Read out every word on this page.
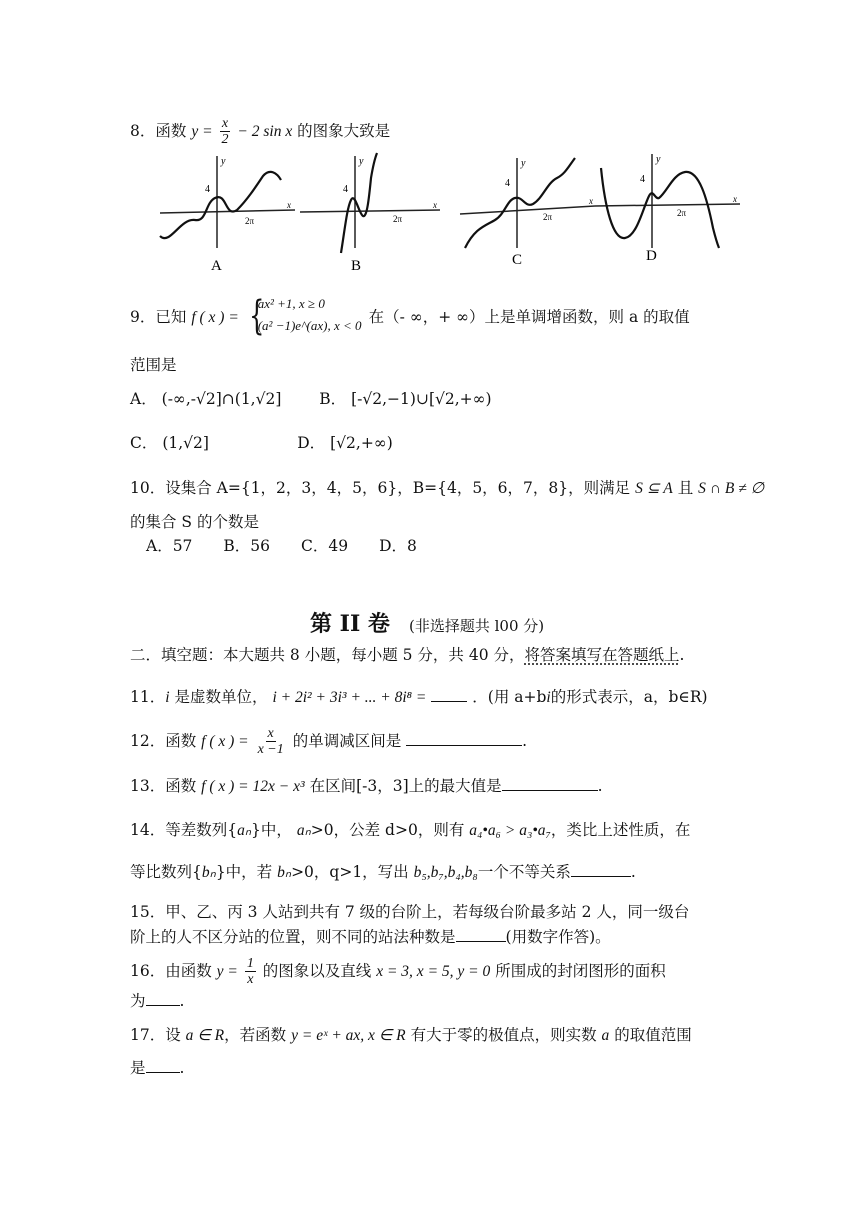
8．函数 $y = \frac{x}{2} - 2$ sin x 的图象大致是
4
y
2π
x
A
4
y
2π
x
B
4
y
2π
x
C
4
y
2π
x
D
9．已知 f ( x ) = {
ax² +1, x ≥ 0
(a² −1)e^(ax), x < 0 在（- ∞，+ ∞）上是单调增函数，则 a 的取值
范围是
A． (-∞,-√2]∩(1,√2] B． [-√2,−1)∪[√2,+∞)
C． (1,√2]	D． [√2,+∞)
10．设集合 A={1，2，3，4，5，6}，B={4，5，6，7，8}，则满足 S ⊆ A 且 S ∩ B ≠ ∅
的集合 S 的个数是
A．57　　B．56　　C．49　　D．8
第 II 卷 (非选择题共 l00 分)
二．填空题：本大题共 8 小题，每小题 5 分，共 40 分，将答案填写在答题纸上.
11．i 是虚数单位， i + 2i² + 3i³ + ... + 8i⁸ =	．(用 a+bi的形式表示，a，b∈R)
12．函数 f ( x ) = $\frac{x}{x -1}$ 的单调减区间是	.
13．函数 f ( x ) = 12x − x³ 在区间[-3，3]上的最大值是	.
14．等差数列{aₙ}中， aₙ>0，公差 d>0，则有 a₄•a₆ > a₃•a₇，类比上述性质，在
等比数列{bₙ}中，若 bₙ>0，q>1，写出 b₅,b₇,b₄,b₈一个不等关系	.
15．甲、乙、丙 3 人站到共有 7 级的台阶上，若每级台阶最多站 2 人，同一级台
阶上的人不区分站的位置，则不同的站法种数是	(用数字作答)。
16．由函数 $y = \frac{1}{x}$ 的图象以及直线 x = 3, x = 5, y = 0 所围成的封闭图形的面积
为 .
17．设 a ∈ R，若函数 y = eˣ + ax, x ∈ R 有大于零的极值点，则实数 a 的取值范围
是 .
